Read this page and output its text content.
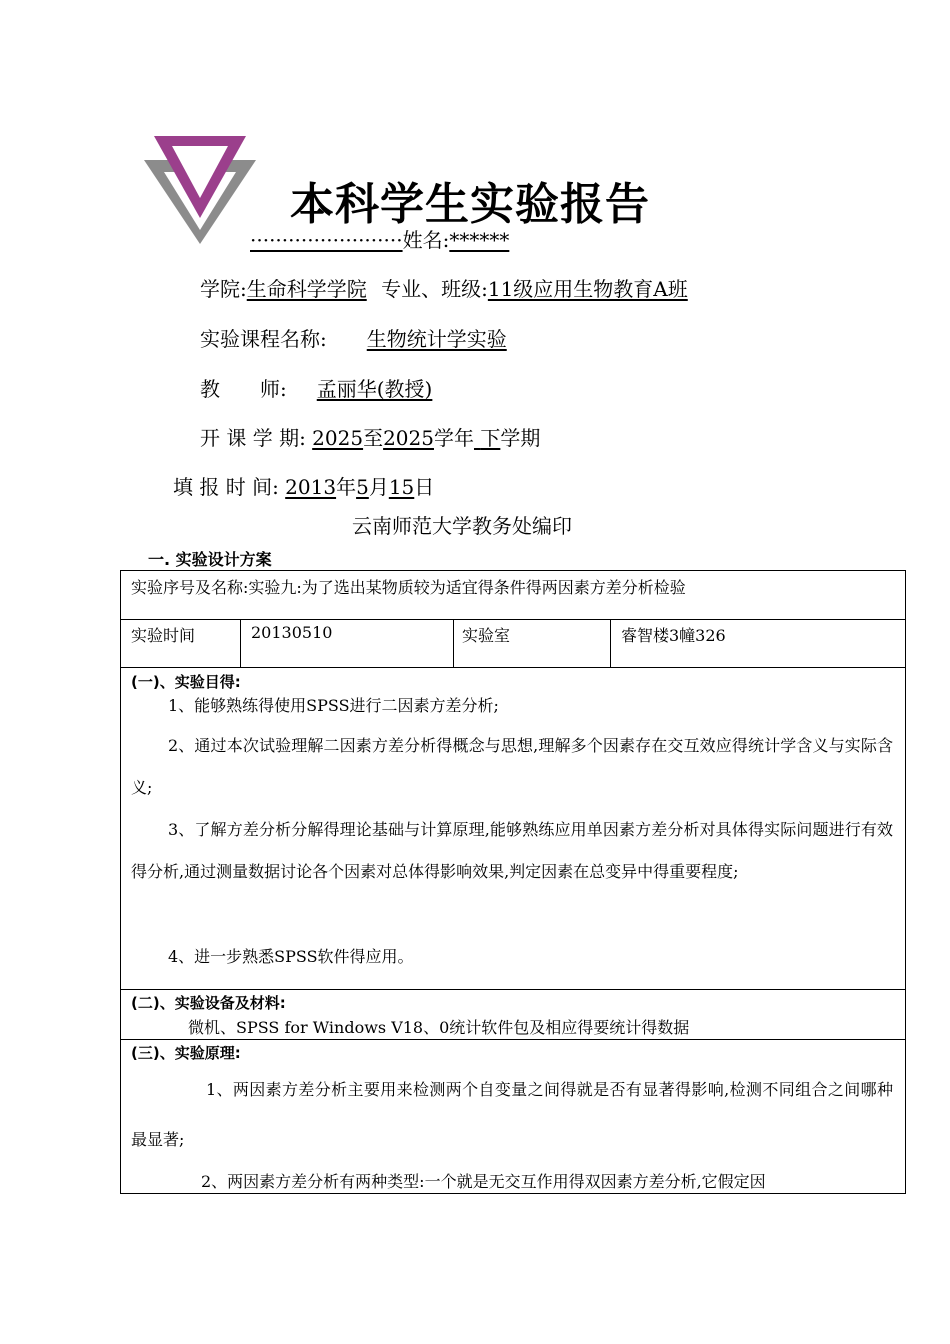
本科学生实验报告
························姓名:******
学院:生命科学学院 专业、班级:11级应用生物教育A班
实验课程名称: 生物统计学实验
教　　师: 孟丽华(教授)
开 课 学 期: 2025至2025学年 下学期
填 报 时 间: 2013年5月15日
云南师范大学教务处编印
一. 实验设计方案
实验序号及名称:实验九:为了选出某物质较为适宜得条件得两因素方差分析检验
实验时间	20130510	实验室	睿智楼3幢326
(一)、实验目得:
1、能够熟练得使用SPSS进行二因素方差分析;
2、通过本次试验理解二因素方差分析得概念与思想,理解多个因素存在交互效应得统计学含义与实际含义;
3、了解方差分析分解得理论基础与计算原理,能够熟练应用单因素方差分析对具体得实际问题进行有效得分析,通过测量数据讨论各个因素对总体得影响效果,判定因素在总变异中得重要程度;
4、进一步熟悉SPSS软件得应用。
(二)、实验设备及材料:
微机、SPSS for Windows V18、0统计软件包及相应得要统计得数据
(三)、实验原理:
1、两因素方差分析主要用来检测两个自变量之间得就是否有显著得影响,检测不同组合之间哪种最显著;
2、两因素方差分析有两种类型:一个就是无交互作用得双因素方差分析,它假定因
